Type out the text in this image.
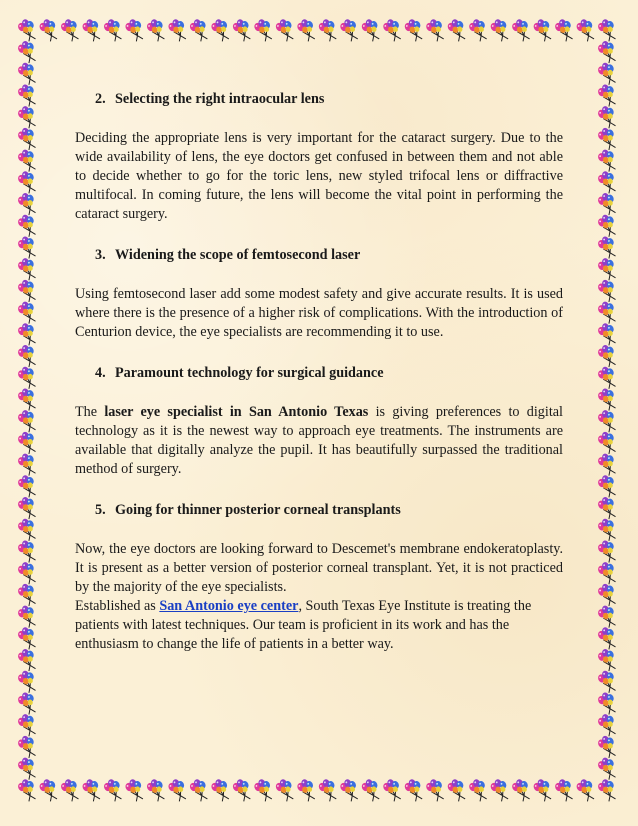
2. Selecting the right intraocular lens

Deciding the appropriate lens is very important for the cataract surgery. Due to the wide availability of lens, the eye doctors get confused in between them and not able to decide whether to go for the toric lens, new styled trifocal lens or diffractive multifocal. In coming future, the lens will become the vital point in performing the cataract surgery.

3. Widening the scope of femtosecond laser

Using femtosecond laser add some modest safety and give accurate results. It is used where there is the presence of a higher risk of complications. With the introduction of Centurion device, the eye specialists are recommending it to use.

4. Paramount technology for surgical guidance

The laser eye specialist in San Antonio Texas is giving preferences to digital technology as it is the newest way to approach eye treatments. The instruments are available that digitally analyze the pupil. It has beautifully surpassed the traditional method of surgery.

5. Going for thinner posterior corneal transplants

Now, the eye doctors are looking forward to Descemet's membrane endokeratoplasty. It is present as a better version of posterior corneal transplant. Yet, it is not practiced by the majority of the eye specialists.

Established as San Antonio eye center, South Texas Eye Institute is treating the patients with latest techniques. Our team is proficient in its work and has the enthusiasm to change the life of patients in a better way.
